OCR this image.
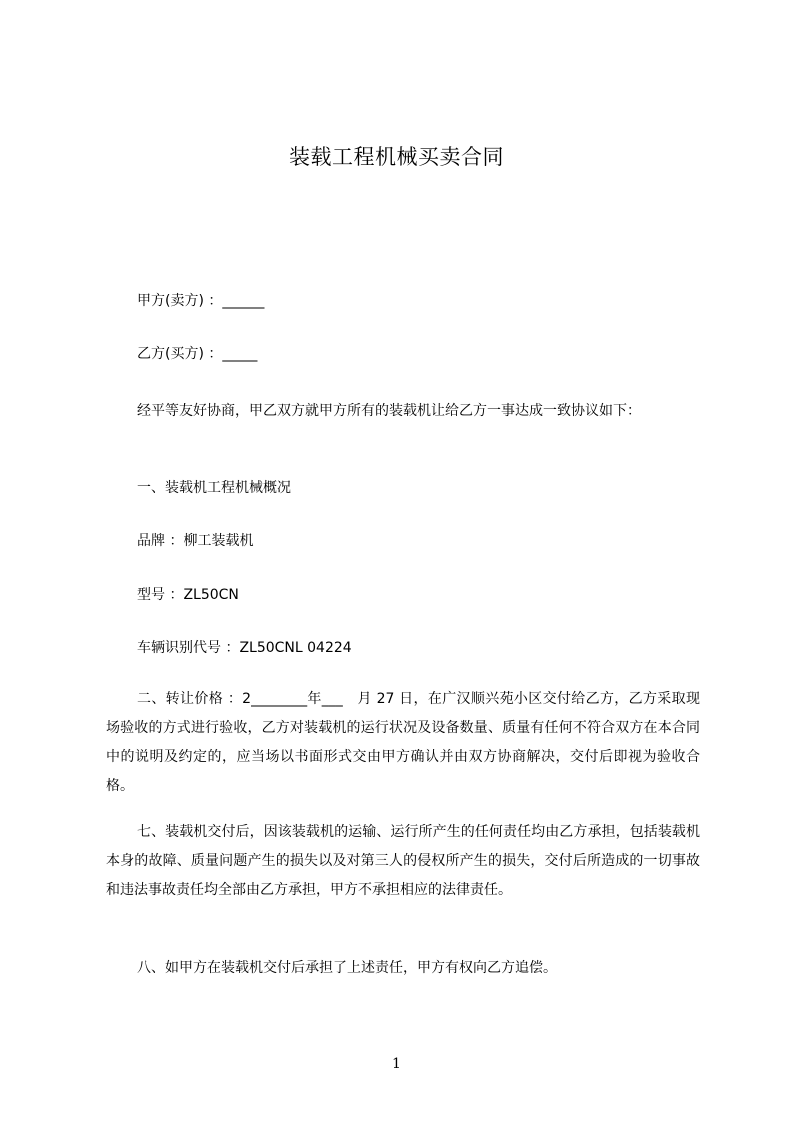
装载工程机械买卖合同
甲方(卖方) ：______
乙方(买方) ：_____
经平等友好协商，甲乙双方就甲方所有的装载机让给乙方一事达成一致协议如下：
一、装载机工程机械概况
品牌 ：柳工装载机
型号 ：ZL50CN
车辆识别代号 ：ZL50CNL 04224
二、转让价格 ：2________年___　月 27 日，在广汉顺兴苑小区交付给乙方，乙方采取现场验收的方式进行验收，乙方对装载机的运行状况及设备数量、质量有任何不符合双方在本合同中的说明及约定的，应当场以书面形式交由甲方确认并由双方协商解决，交付后即视为验收合格。
七、装载机交付后，因该装载机的运输、运行所产生的任何责任均由乙方承担，包括装载机本身的故障、质量问题产生的损失以及对第三人的侵权所产生的损失，交付后所造成的一切事故和违法事故责任均全部由乙方承担，甲方不承担相应的法律责任。
八、如甲方在装载机交付后承担了上述责任，甲方有权向乙方追偿。
1
